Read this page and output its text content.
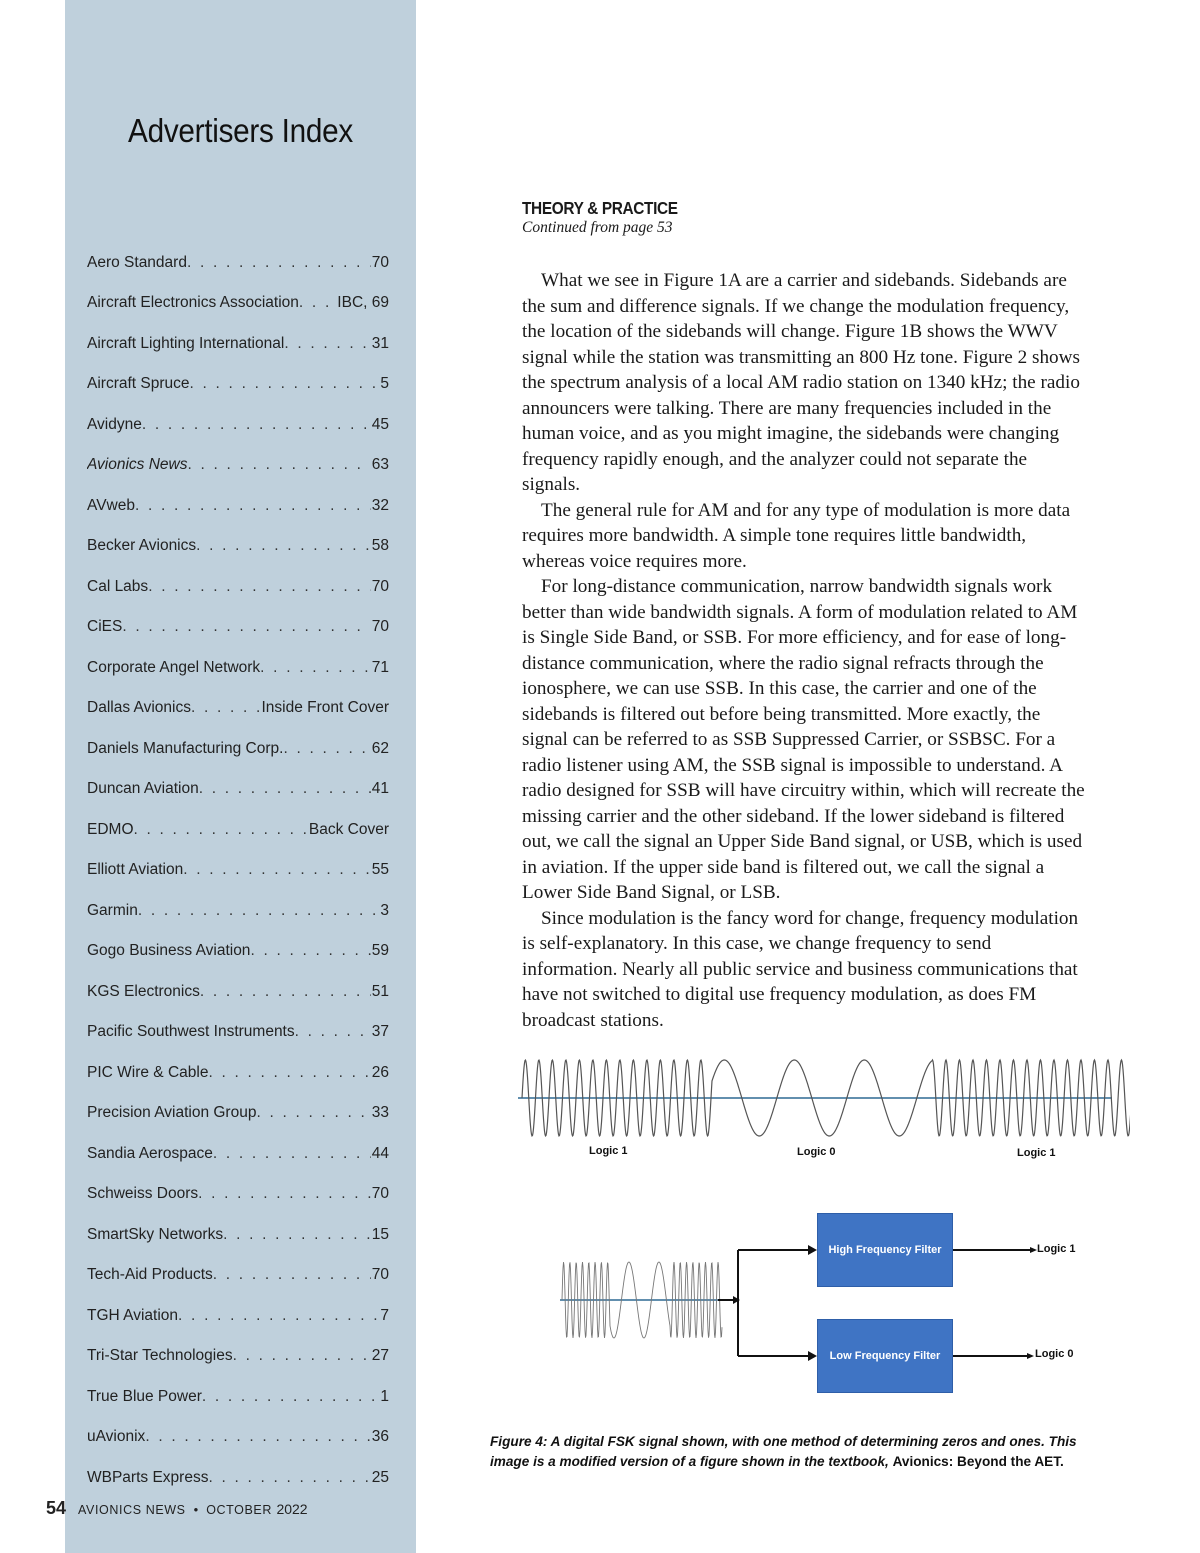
Advertisers Index
Aero Standard . . .	70
Aircraft Electronics Association . . . IBC, 69
Aircraft Lighting International . . .	31
Aircraft Spruce . . .	5
Avidyne . . .	45
Avionics News . . .	63
AVweb . . .	32
Becker Avionics . . .	58
Cal Labs . . .	70
CiES . . .	70
Corporate Angel Network . . .	71
Dallas Avionics . . .	Inside Front Cover
Daniels Manufacturing Corp. . . .	62
Duncan Aviation . . .	41
EDMO . . .	Back Cover
Elliott Aviation . . .	55
Garmin . . .	3
Gogo Business Aviation . . .	59
KGS Electronics . . .	51
Pacific Southwest Instruments . . .	37
PIC Wire & Cable . . .	26
Precision Aviation Group . . .	33
Sandia Aerospace . . .	44
Schweiss Doors . . .	70
SmartSky Networks . . .	15
Tech-Aid Products . . .	70
TGH Aviation . . .	7
Tri-Star Technologies . . .	27
True Blue Power . . .	1
uAvionix . . .	36
WBParts Express . . .	25
54 AVIONICS NEWS • OCTOBER 2022
THEORY & PRACTICE
Continued from page 53

What we see in Figure 1A are a carrier and sidebands. Sidebands are the sum and difference signals. If we change the modulation frequency, the location of the sidebands will change. Figure 1B shows the WWV signal while the station was transmitting an 800 Hz tone. Figure 2 shows the spectrum analysis of a local AM radio station on 1340 kHz; the radio announcers were talking. There are many frequencies included in the human voice, and as you might imagine, the sidebands were changing frequency rapidly enough, and the analyzer could not separate the signals.

The general rule for AM and for any type of modulation is more data requires more bandwidth. A simple tone requires little bandwidth, whereas voice requires more.

For long-distance communication, narrow bandwidth signals work better than wide bandwidth signals. A form of modulation related to AM is Single Side Band, or SSB. For more efficiency, and for ease of long-distance communication, where the radio signal refracts through the ionosphere, we can use SSB. In this case, the carrier and one of the sidebands is filtered out before being transmitted. More exactly, the signal can be referred to as SSB Suppressed Carrier, or SSBSC. For a radio listener using AM, the SSB signal is impossible to understand. A radio designed for SSB will have circuitry within, which will recreate the missing carrier and the other sideband. If the lower sideband is filtered out, we call the signal an Upper Side Band signal, or USB, which is used in aviation. If the upper side band is filtered out, we call the signal a Lower Side Band Signal, or LSB.

Since modulation is the fancy word for change, frequency modulation is self-explanatory. In this case, we change frequency to send information. Nearly all public service and business communications that have not switched to digital use frequency modulation, as does FM broadcast stations.

Logic 1	Logic 0	Logic 1
High Frequency Filter
Low Frequency Filter
Logic 1
Logic 0
Figure 4: A digital FSK signal shown, with one method of determining zeros and ones. This image is a modified version of a figure shown in the textbook, Avionics: Beyond the AET.
